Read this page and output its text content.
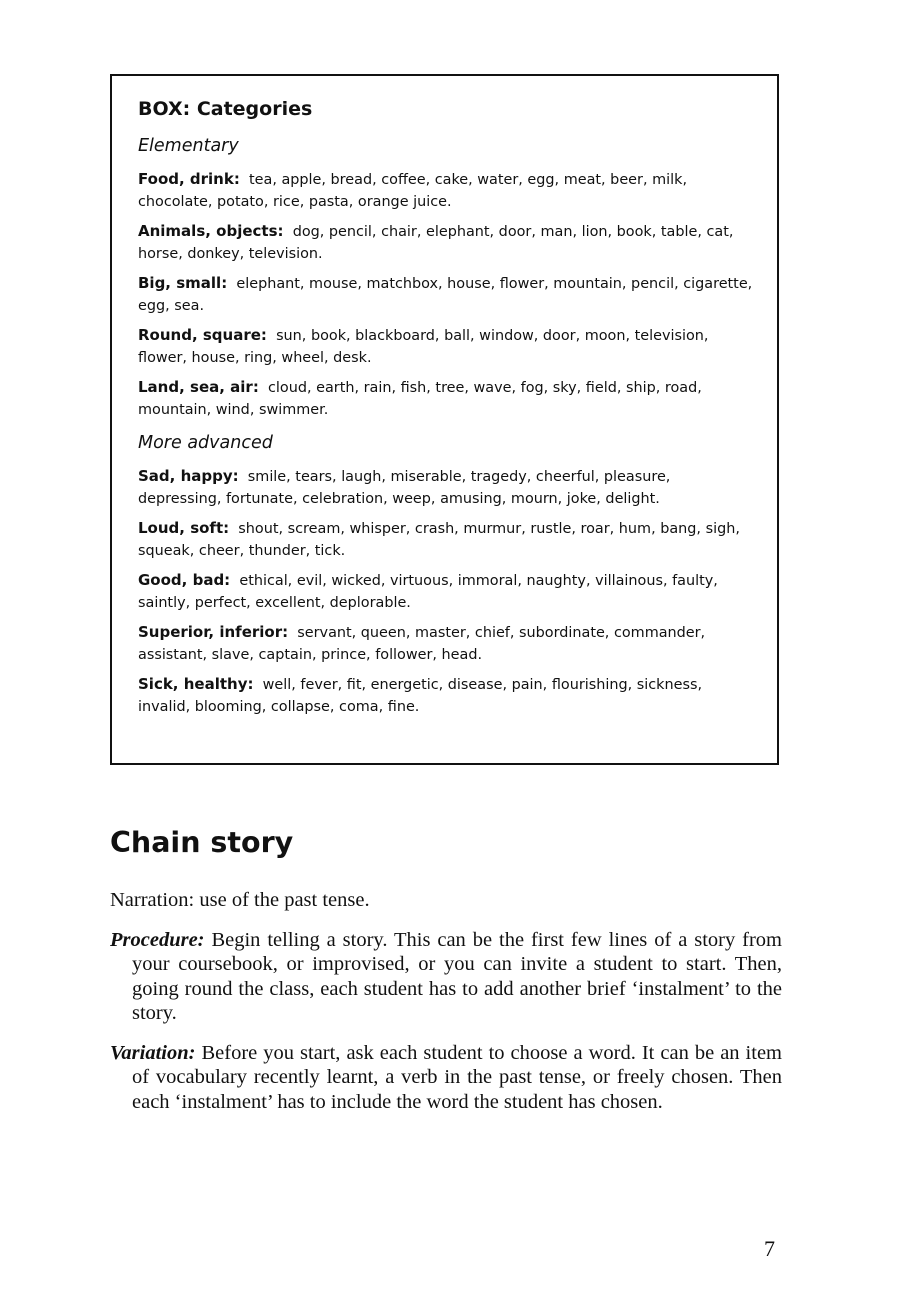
BOX: Categories
Elementary

Food, drink: tea, apple, bread, coffee, cake, water, egg, meat, beer, milk, chocolate, potato, rice, pasta, orange juice.

Animals, objects: dog, pencil, chair, elephant, door, man, lion, book, table, cat, horse, donkey, television.

Big, small: elephant, mouse, matchbox, house, flower, mountain, pencil, cigarette, egg, sea.

Round, square: sun, book, blackboard, ball, window, door, moon, television, flower, house, ring, wheel, desk.

Land, sea, air: cloud, earth, rain, fish, tree, wave, fog, sky, field, ship, road, mountain, wind, swimmer.

More advanced

Sad, happy: smile, tears, laugh, miserable, tragedy, cheerful, pleasure, depressing, fortunate, celebration, weep, amusing, mourn, joke, delight.

Loud, soft: shout, scream, whisper, crash, murmur, rustle, roar, hum, bang, sigh, squeak, cheer, thunder, tick.

Good, bad: ethical, evil, wicked, virtuous, immoral, naughty, villainous, faulty, saintly, perfect, excellent, deplorable.

Superior, inferior: servant, queen, master, chief, subordinate, commander, assistant, slave, captain, prince, follower, head.

Sick, healthy: well, fever, fit, energetic, disease, pain, flourishing, sickness, invalid, blooming, collapse, coma, fine.

Chain story

Narration: use of the past tense.

Procedure: Begin telling a story. This can be the first few lines of a story from your coursebook, or improvised, or you can invite a student to start. Then, going round the class, each student has to add another brief ‘instalment’ to the story.

Variation: Before you start, ask each student to choose a word. It can be an item of vocabulary recently learnt, a verb in the past tense, or freely chosen. Then each ‘instalment’ has to include the word the student has chosen.

7
